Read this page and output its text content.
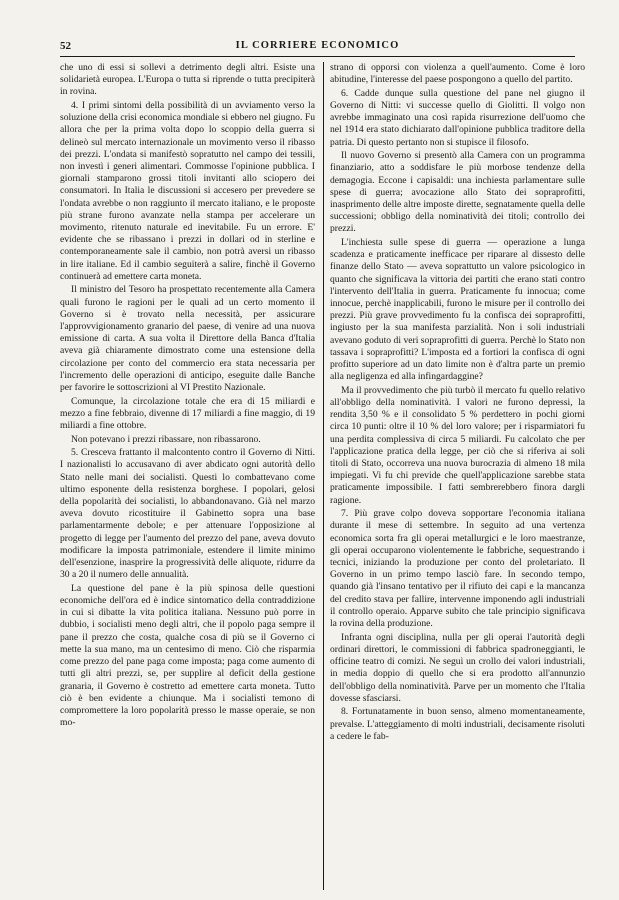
52	IL CORRIERE ECONOMICO

che uno di essi si sollevi a detrimento degli altri. Esiste una solidarietà europea. L'Europa o tutta si riprende o tutta precipiterà in rovina.

4. I primi sintomi della possibilità di un avviamento verso la soluzione della crisi economica mondiale si ebbero nel giugno. Fu allora che per la prima volta dopo lo scoppio della guerra si delineò sul mercato internazionale un movimento verso il ribasso dei prezzi. L'ondata si manifestò sopratutto nel campo dei tessili, non investì i generi alimentari. Commosse l'opinione pubblica. I giornali stamparono grossi titoli invitanti allo sciopero dei consumatori. In Italia le discussioni si accesero per prevedere se l'ondata avrebbe o non raggiunto il mercato italiano, e le proposte più strane furono avanzate nella stampa per accelerare un movimento, ritenuto naturale ed inevitabile. Fu un errore. E' evidente che se ribassano i prezzi in dollari od in sterline e contemporaneamente sale il cambio, non potrà aversi un ribasso in lire italiane. Ed il cambio seguiterà a salire, finchè il Governo continuerà ad emettere carta moneta.

Il ministro del Tesoro ha prospettato recentemente alla Camera quali furono le ragioni per le quali ad un certo momento il Governo si è trovato nella necessità, per assicurare l'approvvigionamento granario del paese, di venire ad una nuova emissione di carta. A sua volta il Direttore della Banca d'Italia aveva già chiaramente dimostrato come una estensione della circolazione per conto del commercio era stata necessaria per l'incremento delle operazioni di anticipo, eseguite dalle Banche per favorire le sottoscrizioni al VI Prestito Nazionale.

Comunque, la circolazione totale che era di 15 miliardi e mezzo a fine febbraio, divenne di 17 miliardi a fine maggio, di 19 miliardi a fine ottobre.

Non potevano i prezzi ribassare, non ribassarono.

5. Cresceva frattanto il malcontento contro il Governo di Nitti. I nazionalisti lo accusavano di aver abdicato ogni autorità dello Stato nelle mani dei socialisti. Questi lo combattevano come ultimo esponente della resistenza borghese. I popolari, gelosi della popolarità dei socialisti, lo abbandonavano. Già nel marzo aveva dovuto ricostituire il Gabinetto sopra una base parlamentarmente debole; e per attenuare l'opposizione al progetto di legge per l'aumento del prezzo del pane, aveva dovuto modificare la imposta patrimoniale, estendere il limite minimo dell'esenzione, inasprire la progressività delle aliquote, ridurre da 30 a 20 il numero delle annualità.

La questione del pane è la più spinosa delle questioni economiche dell'ora ed è indice sintomatico della contraddizione in cui si dibatte la vita politica italiana. Nessuno può porre in dubbio, i socialisti meno degli altri, che il popolo paga sempre il pane il prezzo che costa, qualche cosa di più se il Governo ci mette la sua mano, ma un centesimo di meno. Ciò che risparmia come prezzo del pane paga come imposta; paga come aumento di tutti gli altri prezzi, se, per supplire al deficit della gestione granaria, il Governo è costretto ad emettere carta moneta. Tutto ciò è ben evidente a chiunque. Ma i socialisti temono di compromettere la loro popolarità presso le masse operaie, se non mo-

strano di opporsi con violenza a quell'aumento. Come è loro abitudine, l'interesse del paese pospongono a quello del partito.

6. Cadde dunque sulla questione del pane nel giugno il Governo di Nitti: vi successe quello di Giolitti. Il volgo non avrebbe immaginato una così rapida risurrezione dell'uomo che nel 1914 era stato dichiarato dall'opinione pubblica traditore della patria. Di questo pertanto non si stupisce il filosofo.

Il nuovo Governo si presentò alla Camera con un programma finanziario, atto a soddisfare le più morbose tendenze della demagogia. Eccone i capisaldi: una inchiesta parlamentare sulle spese di guerra; avocazione allo Stato dei sopraprofitti, inasprimento delle altre imposte dirette, segnatamente quella delle successioni; obbligo della nominatività dei titoli; controllo dei prezzi.

L'inchiesta sulle spese di guerra — operazione a lunga scadenza e praticamente inefficace per riparare al dissesto delle finanze dello Stato — aveva soprattutto un valore psicologico in quanto che significava la vittoria dei partiti che erano stati contro l'intervento dell'Italia in guerra. Praticamente fu innocua; come innocue, perchè inapplicabili, furono le misure per il controllo dei prezzi. Più grave provvedimento fu la confisca dei sopraprofitti, ingiusto per la sua manifesta parzialità. Non i soli industriali avevano goduto di veri sopraprofitti di guerra. Perchè lo Stato non tassava i sopraprofitti? L'imposta ed a fortiori la confisca di ogni profitto superiore ad un dato limite non è d'altra parte un premio alla negligenza ed alla infingardaggine?

Ma il provvedimento che più turbò il mercato fu quello relativo all'obbligo della nominatività. I valori ne furono depressi, la rendita 3,50 % e il consolidato 5 % perdettero in pochi giorni circa 10 punti: oltre il 10 % del loro valore; per i risparmiatori fu una perdita complessiva di circa 5 miliardi. Fu calcolato che per l'applicazione pratica della legge, per ciò che si riferiva ai soli titoli di Stato, occorreva una nuova burocrazia di almeno 18 mila impiegati. Vi fu chi previde che quell'applicazione sarebbe stata praticamente impossibile. I fatti sembrerebbero finora dargli ragione.

7. Più grave colpo doveva sopportare l'economia italiana durante il mese di settembre. In seguito ad una vertenza economica sorta fra gli operai metallurgici e le loro maestranze, gli operai occuparono violentemente le fabbriche, sequestrando i tecnici, iniziando la produzione per conto del proletariato. Il Governo in un primo tempo lasciò fare. In secondo tempo, quando già l'insano tentativo per il rifiuto dei capi e la mancanza del credito stava per fallire, intervenne imponendo agli industriali il controllo operaio. Apparve subito che tale principio significava la rovina della produzione.

Infranta ogni disciplina, nulla per gli operai l'autorità degli ordinari direttori, le commissioni di fabbrica spadroneggianti, le officine teatro di comizi. Ne seguì un crollo dei valori industriali, in media doppio di quello che si era prodotto all'annunzio dell'obbligo della nominatività. Parve per un momento che l'Italia dovesse sfasciarsi.

8. Fortunatamente in buon senso, almeno momentaneamente, prevalse. L'atteggiamento di molti industriali, decisamente risoluti a cedere le fab-
